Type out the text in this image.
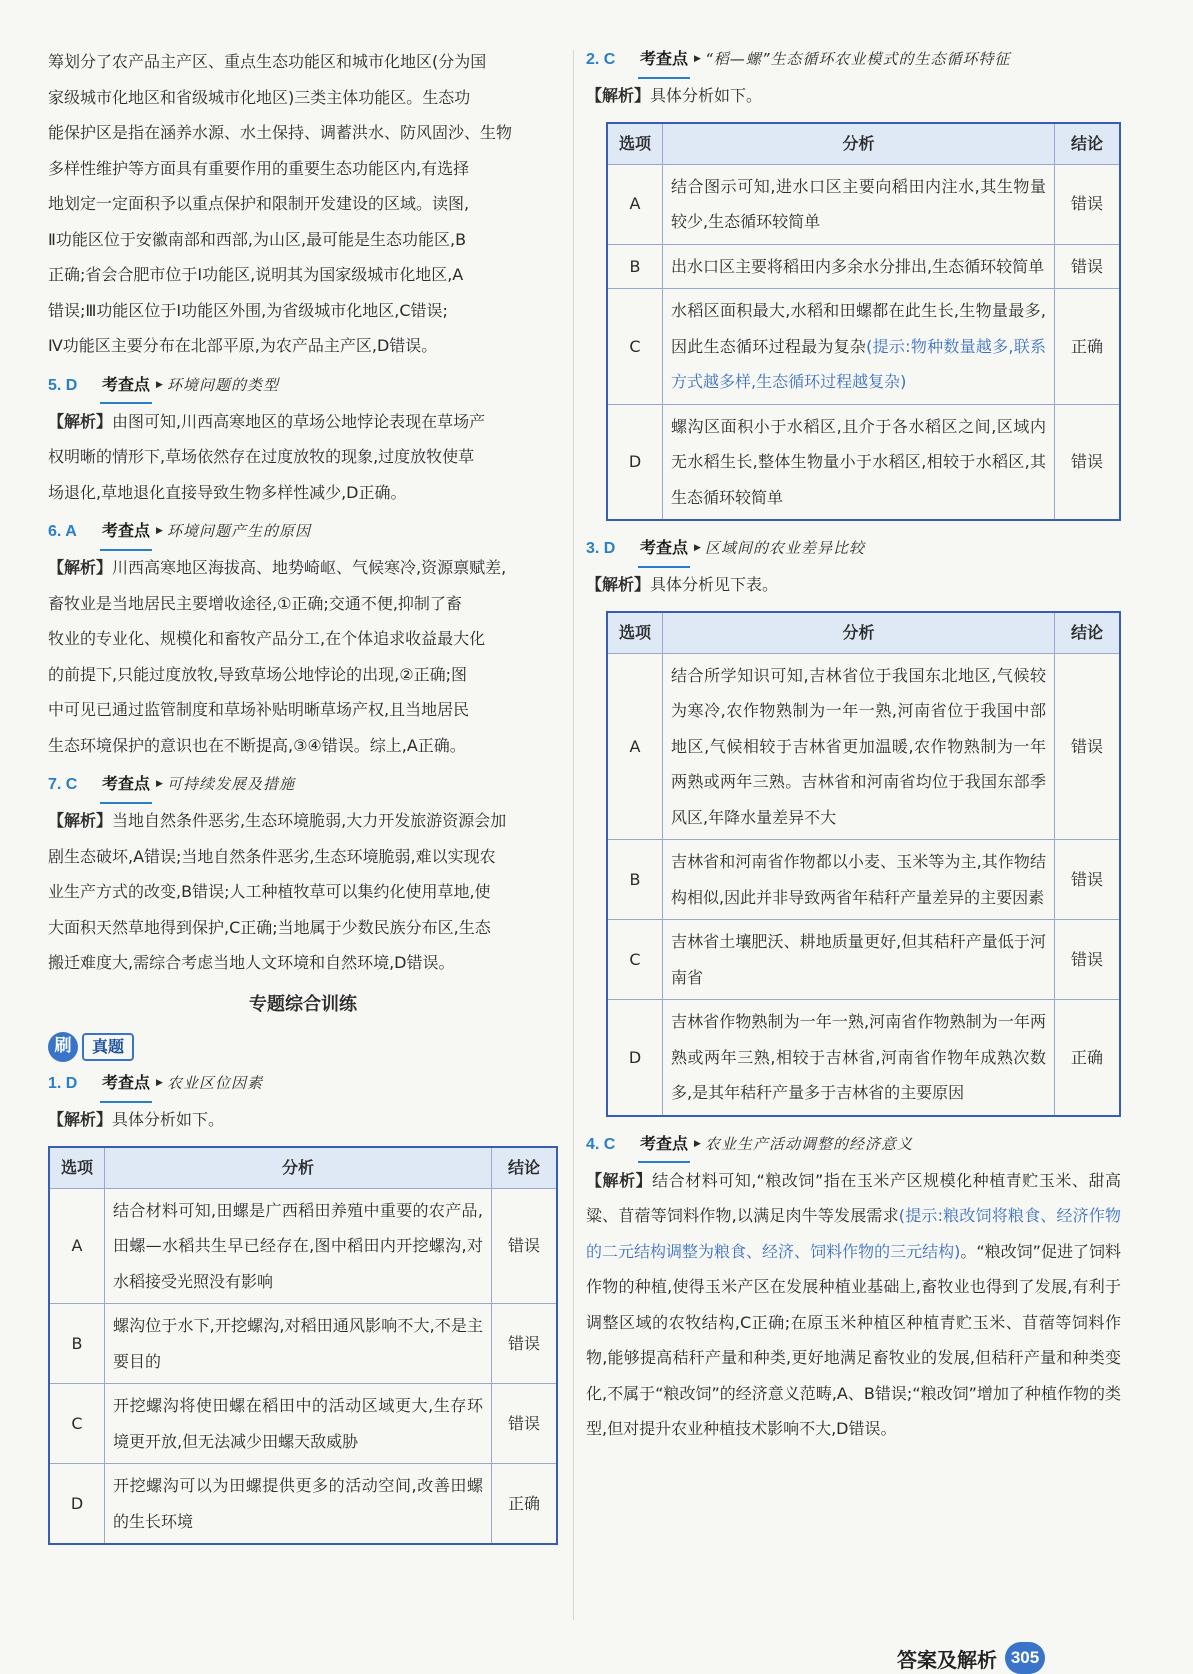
筹划分了农产品主产区、重点生态功能区和城市化地区(分为国

家级城市化地区和省级城市化地区)三类主体功能区。生态功

能保护区是指在涵养水源、水土保持、调蓄洪水、防风固沙、生物

多样性维护等方面具有重要作用的重要生态功能区内,有选择

地划定一定面积予以重点保护和限制开发建设的区域。读图,

Ⅱ功能区位于安徽南部和西部,为山区,最可能是生态功能区,B

正确;省会合肥市位于Ⅰ功能区,说明其为国家级城市化地区,A

错误;Ⅲ功能区位于Ⅰ功能区外围,为省级城市化地区,C错误;

Ⅳ功能区主要分布在北部平原,为农产品主产区,D错误。

5. D	考查点 ▶ 环境问题的类型

【解析】由图可知,川西高寒地区的草场公地悖论表现在草场产

权明晰的情形下,草场依然存在过度放牧的现象,过度放牧使草

场退化,草地退化直接导致生物多样性减少,D正确。

6. A	考查点 ▶ 环境问题产生的原因

【解析】川西高寒地区海拔高、地势崎岖、气候寒冷,资源禀赋差,

畜牧业是当地居民主要增收途径,①正确;交通不便,抑制了畜

牧业的专业化、规模化和畜牧产品分工,在个体追求收益最大化

的前提下,只能过度放牧,导致草场公地悖论的出现,②正确;图

中可见已通过监管制度和草场补贴明晰草场产权,且当地居民

生态环境保护的意识也在不断提高,③④错误。综上,A正确。

7. C	考查点 ▶ 可持续发展及措施

【解析】当地自然条件恶劣,生态环境脆弱,大力开发旅游资源会加

剧生态破坏,A错误;当地自然条件恶劣,生态环境脆弱,难以实现农

业生产方式的改变,B错误;人工种植牧草可以集约化使用草地,使

大面积天然草地得到保护,C正确;当地属于少数民族分布区,生态

搬迁难度大,需综合考虑当地人文环境和自然环境,D错误。

专题综合训练
刷	真题
1. D	考查点 ▶ 农业区位因素

【解析】具体分析如下。

选项	分析	结论
A	结合材料可知,田螺是广西稻田养殖中重要的农产品,田螺—水稻共生早已经存在,图中稻田内开挖螺沟,对水稻接受光照没有影响	错误
B	螺沟位于水下,开挖螺沟,对稻田通风影响不大,不是主要目的	错误
C	开挖螺沟将使田螺在稻田中的活动区域更大,生存环境更开放,但无法减少田螺天敌威胁	错误
D	开挖螺沟可以为田螺提供更多的活动空间,改善田螺的生长环境	正确
2. C	考查点 ▶ “稻—螺”生态循环农业模式的生态循环特征

【解析】具体分析如下。

选项	分析	结论
A	结合图示可知,进水口区主要向稻田内注水,其生物量较少,生态循环较简单	错误
B	出水口区主要将稻田内多余水分排出,生态循环较简单	错误
C	水稻区面积最大,水稻和田螺都在此生长,生物量最多,因此生态循环过程最为复杂(提示:物种数量越多,联系方式越多样,生态循环过程越复杂)	正确
D	螺沟区面积小于水稻区,且介于各水稻区之间,区域内无水稻生长,整体生物量小于水稻区,相较于水稻区,其生态循环较简单	错误
3. D	考查点 ▶ 区域间的农业差异比较

【解析】具体分析见下表。

选项	分析	结论
A	结合所学知识可知,吉林省位于我国东北地区,气候较为寒冷,农作物熟制为一年一熟,河南省位于我国中部地区,气候相较于吉林省更加温暖,农作物熟制为一年两熟或两年三熟。吉林省和河南省均位于我国东部季风区,年降水量差异不大	错误
B	吉林省和河南省作物都以小麦、玉米等为主,其作物结构相似,因此并非导致两省年秸秆产量差异的主要因素	错误
C	吉林省土壤肥沃、耕地质量更好,但其秸秆产量低于河南省	错误
D	吉林省作物熟制为一年一熟,河南省作物熟制为一年两熟或两年三熟,相较于吉林省,河南省作物年成熟次数多,是其年秸秆产量多于吉林省的主要原因	正确
4. C	考查点 ▶ 农业生产活动调整的经济意义

【解析】结合材料可知,“粮改饲”指在玉米产区规模化种植青贮玉米、甜高粱、苜蓿等饲料作物,以满足肉牛等发展需求(提示:粮改饲将粮食、经济作物的二元结构调整为粮食、经济、饲料作物的三元结构)。“粮改饲”促进了饲料作物的种植,使得玉米产区在发展种植业基础上,畜牧业也得到了发展,有利于调整区域的农牧结构,C正确;在原玉米种植区种植青贮玉米、苜蓿等饲料作物,能够提高秸秆产量和种类,更好地满足畜牧业的发展,但秸秆产量和种类变化,不属于“粮改饲”的经济意义范畴,A、B错误;“粮改饲”增加了种植作物的类型,但对提升农业种植技术影响不大,D错误。

答案及解析 305
